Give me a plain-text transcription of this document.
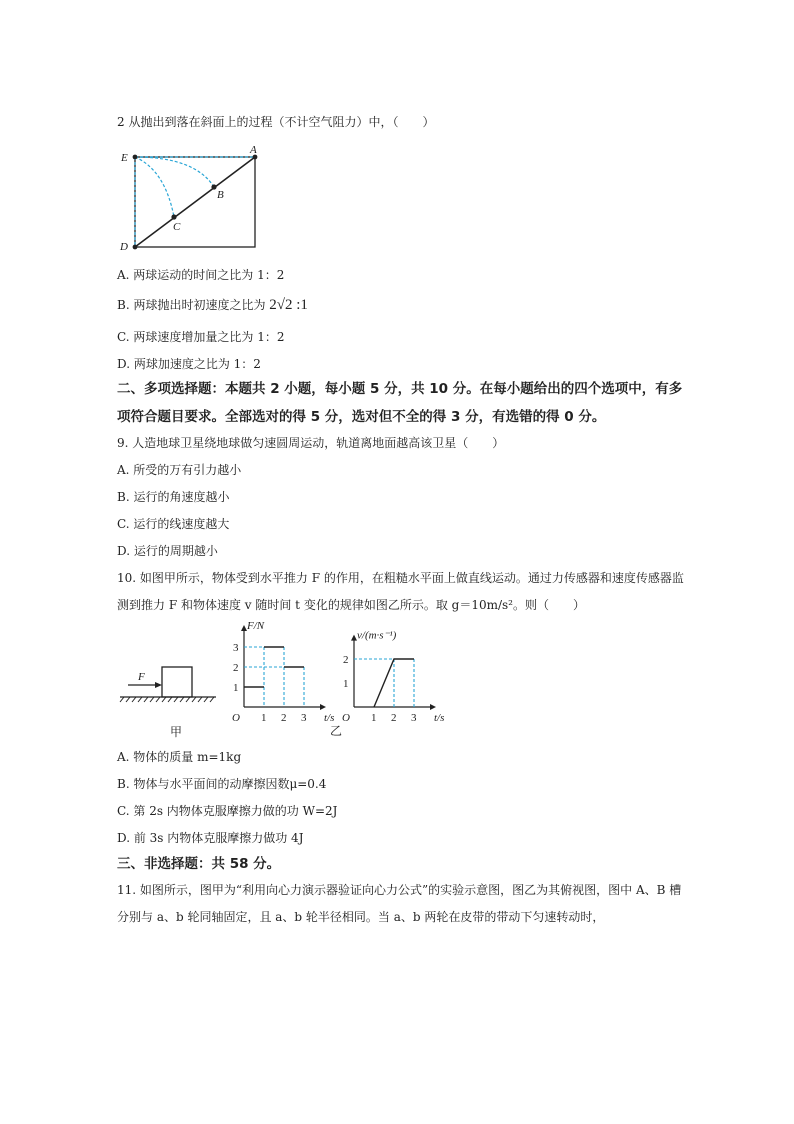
2 从抛出到落在斜面上的过程（不计空气阻力）中，（　　）
E
A
B
C
D
A. 两球运动的时间之比为 1：2
B. 两球抛出时初速度之比为 2√2 :1
C. 两球速度增加量之比为 1：2
D. 两球加速度之比为 1：2
二、多项选择题：本题共 2 小题，每小题 5 分，共 10 分。在每小题给出的四个选项中，有多
项符合题目要求。全部选对的得 5 分，选对但不全的得 3 分，有选错的得 0 分。
9. 人造地球卫星绕地球做匀速圆周运动，轨道离地面越高该卫星（　　）
A. 所受的万有引力越小
B. 运行的角速度越小
C. 运行的线速度越大
D. 运行的周期越小
10. 如图甲所示，物体受到水平推力 F 的作用，在粗糙水平面上做直线运动。通过力传感器和速度传感器监
测到推力 F 和物体速度 v 随时间 t 变化的规律如图乙所示。取 g＝10m/s²。则（　　）
F
甲
O	t/s
F/N
1 2 3
1
2
3
O	t/s
v/(m·s⁻¹)
1 2 3
1
2
乙
A. 物体的质量 m=1kg
B. 物体与水平面间的动摩擦因数μ=0.4
C. 第 2s 内物体克服摩擦力做的功 W=2J
D. 前 3s 内物体克服摩擦力做功 4J
三、非选择题：共 58 分。
11. 如图所示，图甲为“利用向心力演示器验证向心力公式”的实验示意图，图乙为其俯视图，图中 A、B 槽
分别与 a、b 轮同轴固定，且 a、b 轮半径相同。当 a、b 两轮在皮带的带动下匀速转动时，
